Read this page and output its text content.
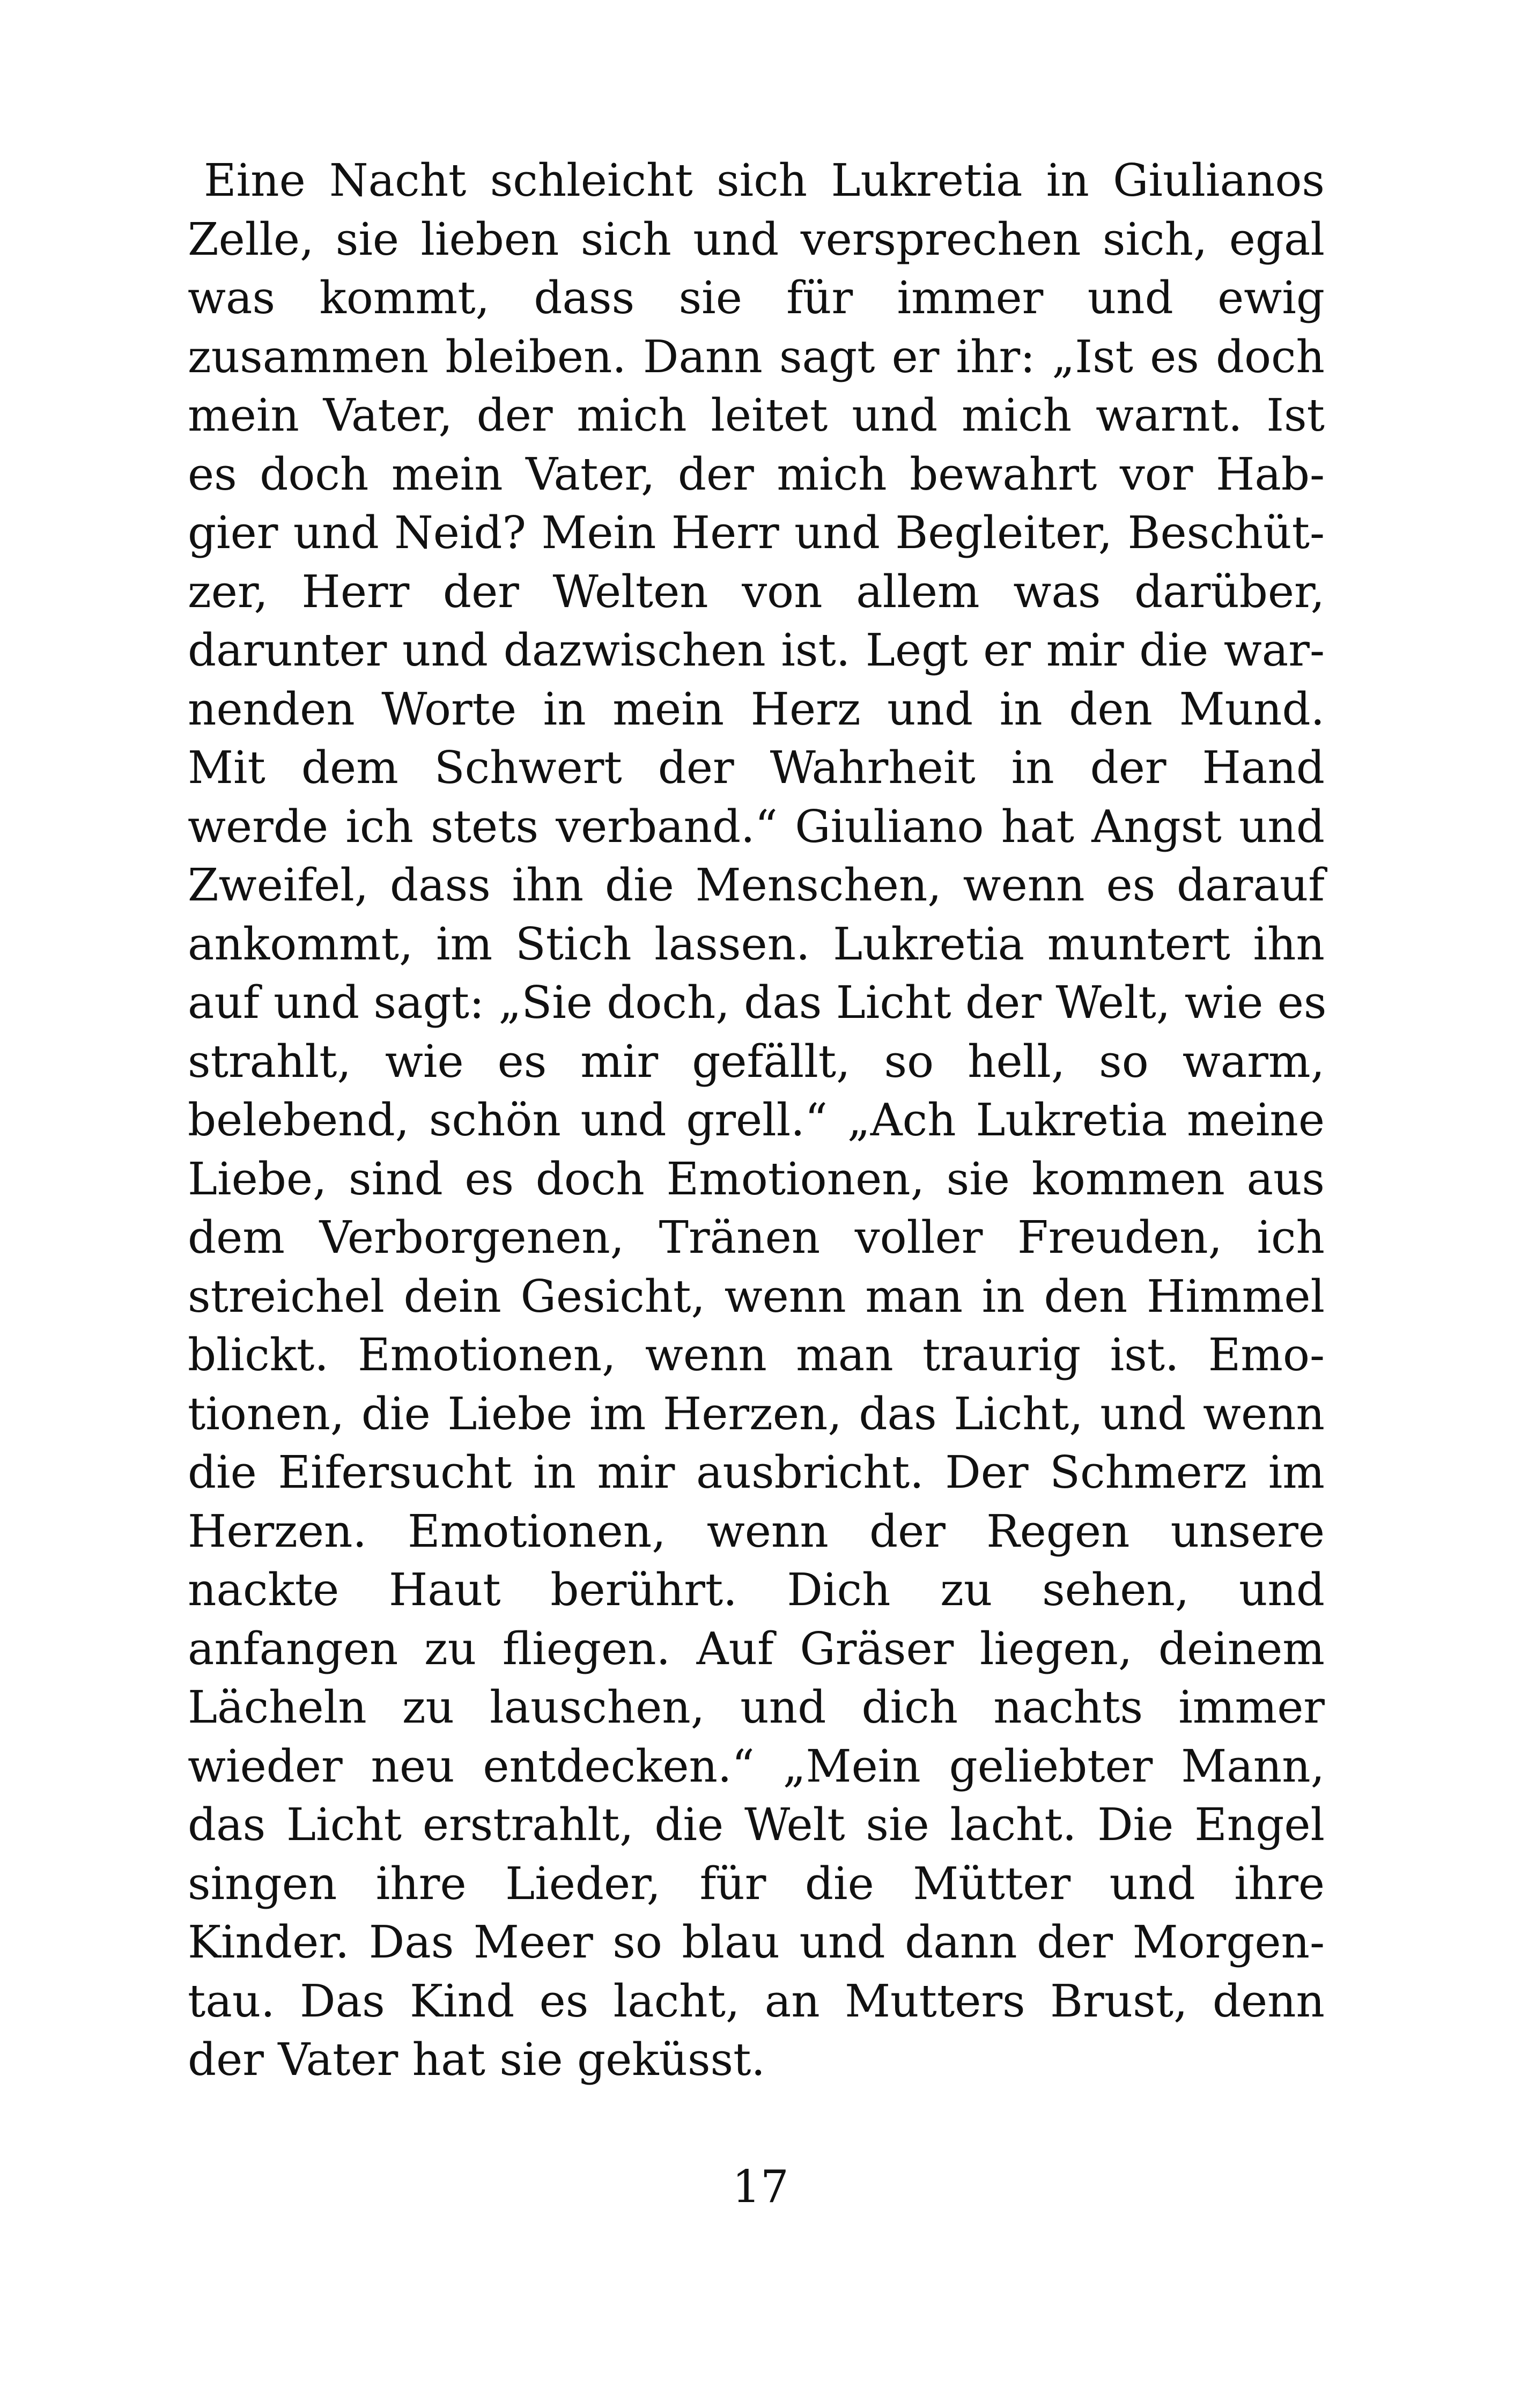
Eine Nacht schleicht sich Lukretia in Giulianos
Zelle, sie lieben sich und versprechen sich, egal
was kommt, dass sie für immer und ewig
zusammen bleiben. Dann sagt er ihr: „Ist es doch
mein Vater, der mich leitet und mich warnt. Ist
es doch mein Vater, der mich bewahrt vor Hab-
gier und Neid? Mein Herr und Begleiter, Beschüt-
zer, Herr der Welten von allem was darüber,
darunter und dazwischen ist. Legt er mir die war-
nenden Worte in mein Herz und in den Mund.
Mit dem Schwert der Wahrheit in der Hand
werde ich stets verband.“ Giuliano hat Angst und
Zweifel, dass ihn die Menschen, wenn es darauf
ankommt, im Stich lassen. Lukretia muntert ihn
auf und sagt: „Sie doch, das Licht der Welt, wie es
strahlt, wie es mir gefällt, so hell, so warm,
belebend, schön und grell.“ „Ach Lukretia meine
Liebe, sind es doch Emotionen, sie kommen aus
dem Verborgenen, Tränen voller Freuden, ich
streichel dein Gesicht, wenn man in den Himmel
blickt. Emotionen, wenn man traurig ist. Emo-
tionen, die Liebe im Herzen, das Licht, und wenn
die Eifersucht in mir ausbricht. Der Schmerz im
Herzen. Emotionen, wenn der Regen unsere
nackte Haut berührt. Dich zu sehen, und
anfangen zu fliegen. Auf Gräser liegen, deinem
Lächeln zu lauschen, und dich nachts immer
wieder neu entdecken.“ „Mein geliebter Mann,
das Licht erstrahlt, die Welt sie lacht. Die Engel
singen ihre Lieder, für die Mütter und ihre
Kinder. Das Meer so blau und dann der Morgen-
tau. Das Kind es lacht, an Mutters Brust, denn
der Vater hat sie geküsst.
17
